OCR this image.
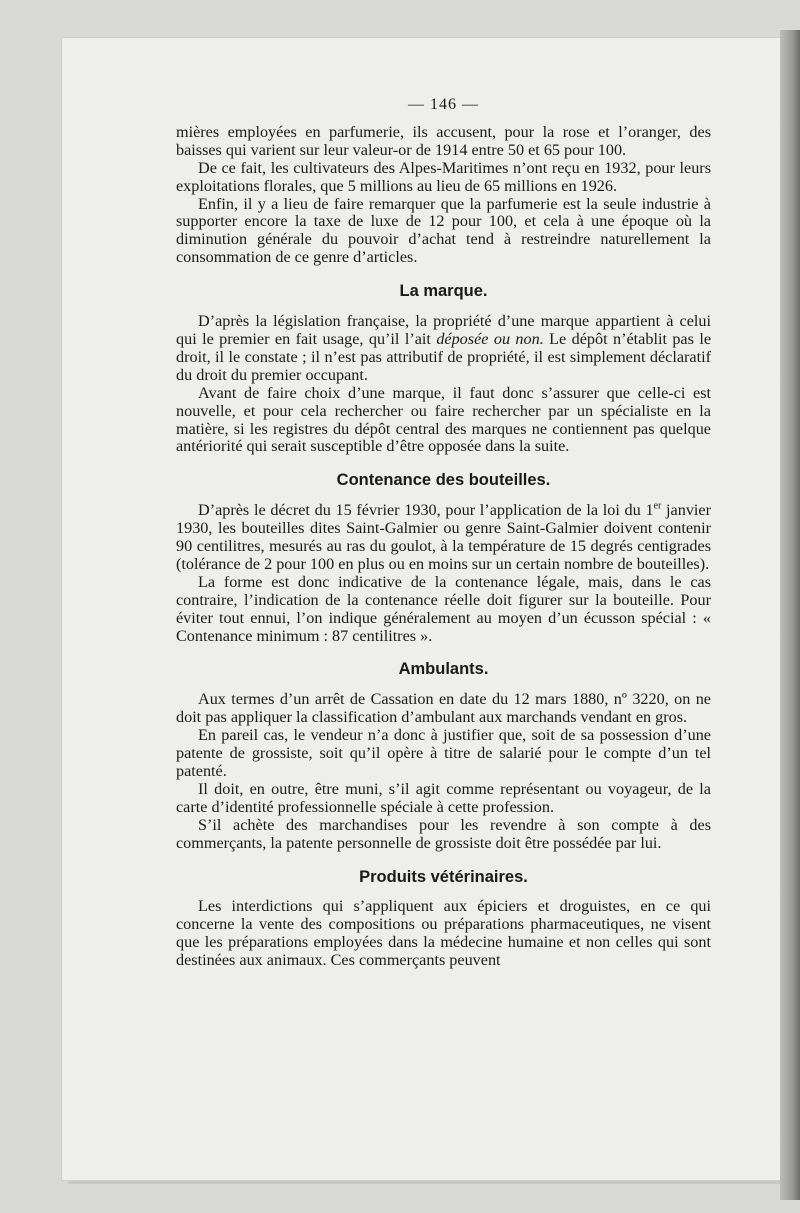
— 146 —

mières employées en parfumerie, ils accusent, pour la rose et l’oranger, des baisses qui varient sur leur valeur-or de 1914 entre 50 et 65 pour 100.

De ce fait, les cultivateurs des Alpes-Maritimes n’ont reçu en 1932, pour leurs exploitations florales, que 5 millions au lieu de 65 millions en 1926.

Enfin, il y a lieu de faire remarquer que la parfumerie est la seule industrie à supporter encore la taxe de luxe de 12 pour 100, et cela à une époque où la diminution générale du pouvoir d’achat tend à restreindre naturellement la consommation de ce genre d’articles.

La marque.

D’après la législation française, la propriété d’une marque appartient à celui qui le premier en fait usage, qu’il l’ait déposée ou non. Le dépôt n’établit pas le droit, il le constate ; il n’est pas attributif de propriété, il est simplement déclaratif du droit du premier occupant.

Avant de faire choix d’une marque, il faut donc s’assurer que celle-ci est nouvelle, et pour cela rechercher ou faire rechercher par un spécialiste en la matière, si les registres du dépôt central des marques ne contiennent pas quelque antériorité qui serait susceptible d’être opposée dans la suite.

Contenance des bouteilles.

D’après le décret du 15 février 1930, pour l’application de la loi du 1er janvier 1930, les bouteilles dites Saint-Galmier ou genre Saint-Galmier doivent contenir 90 centilitres, mesurés au ras du goulot, à la température de 15 degrés centigrades (tolérance de 2 pour 100 en plus ou en moins sur un certain nombre de bouteilles).

La forme est donc indicative de la contenance légale, mais, dans le cas contraire, l’indication de la contenance réelle doit figurer sur la bouteille. Pour éviter tout ennui, l’on indique généralement au moyen d’un écusson spécial : « Contenance minimum : 87 centilitres ».

Ambulants.

Aux termes d’un arrêt de Cassation en date du 12 mars 1880, nº 3220, on ne doit pas appliquer la classification d’ambulant aux marchands vendant en gros.

En pareil cas, le vendeur n’a donc à justifier que, soit de sa possession d’une patente de grossiste, soit qu’il opère à titre de salarié pour le compte d’un tel patenté.

Il doit, en outre, être muni, s’il agit comme représentant ou voyageur, de la carte d’identité professionnelle spéciale à cette profession.

S’il achète des marchandises pour les revendre à son compte à des commerçants, la patente personnelle de grossiste doit être possédée par lui.

Produits vétérinaires.

Les interdictions qui s’appliquent aux épiciers et droguistes, en ce qui concerne la vente des compositions ou préparations pharmaceutiques, ne visent que les préparations employées dans la médecine humaine et non celles qui sont destinées aux animaux. Ces commerçants peuvent
